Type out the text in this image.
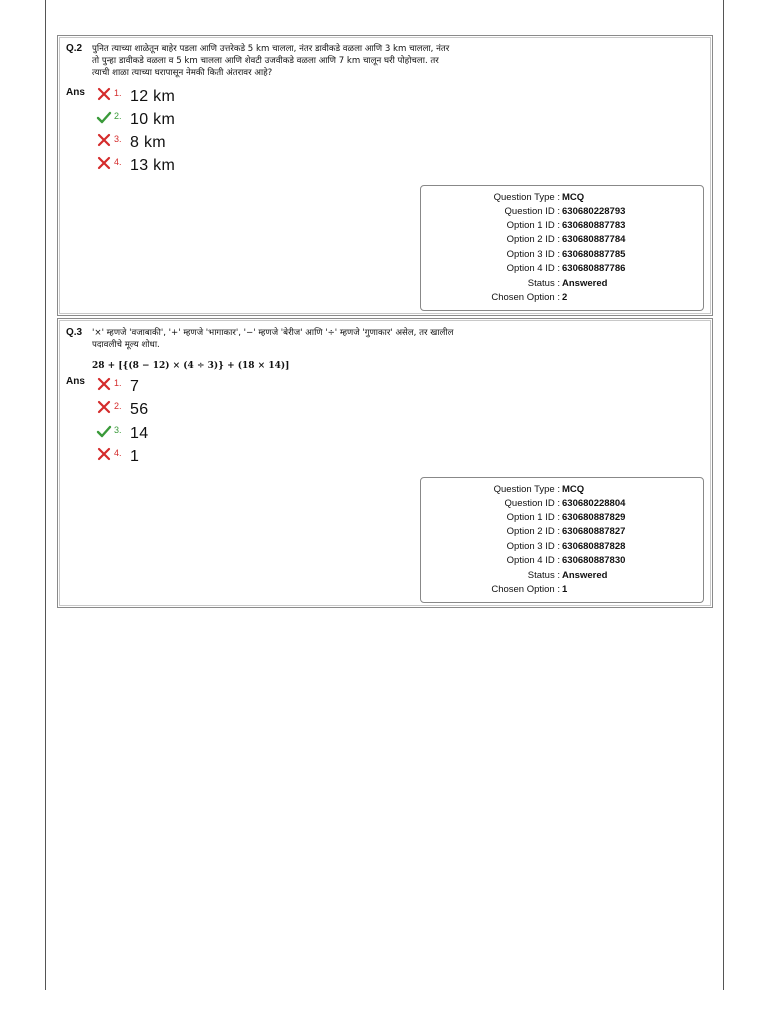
Q.2 पुनित त्याच्या शाळेतून बाहेर पडला आणि उत्तरेकडे 5 km चालला, नंतर डावीकडे वळला आणि 3 km चालला, नंतर
तो पुन्हा डावीकडे वळला व 5 km चालला आणि शेवटी उजवीकडे वळला आणि 7 km चालून घरी पोहोचला. तर
त्याची शाळा त्याच्या घरापासून नेमकी किती अंतरावर आहे?
Ans	1. 12 km
2. 10 km
3. 8 km
4. 13 km
Question Type : MCQ
Question ID : 630680228793
Option 1 ID : 630680887783
Option 2 ID : 630680887784
Option 3 ID : 630680887785
Option 4 ID : 630680887786
Status : Answered
Chosen Option : 2
Q.3 '×' म्हणजे 'वजाबाकी', '+' म्हणजे 'भागाकार', '−' म्हणजे 'बेरीज' आणि '÷' म्हणजे 'गुणाकार' असेल, तर खालील
पदावलीचे मूल्य शोधा.
28 + [{(8 − 12) × (4 ÷ 3)} + (18 × 14)]
Ans	1. 7
2. 56
3. 14
4. 1
Question Type : MCQ
Question ID : 630680228804
Option 1 ID : 630680887829
Option 2 ID : 630680887827
Option 3 ID : 630680887828
Option 4 ID : 630680887830
Status : Answered
Chosen Option : 1
